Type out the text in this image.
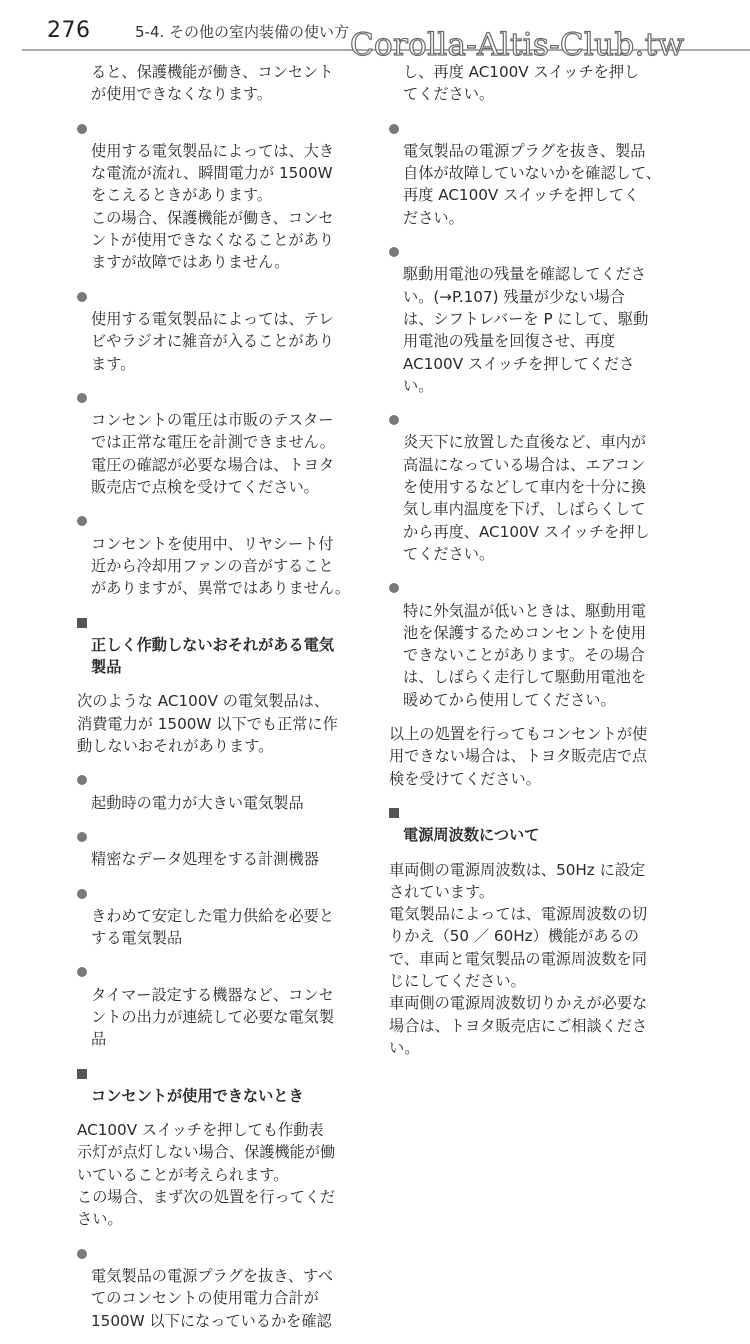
276	5-4. その他の室内装備の使い方 Corolla-Altis-Club.tw
ると、保護機能が働き、コンセント
が使用できなくなります。

使用する電気製品によっては、大き
な電流が流れ、瞬間電力が 1500W
をこえるときがあります。
この場合、保護機能が働き、コンセ
ントが使用できなくなることがあり
ますが故障ではありません。

使用する電気製品によっては、テレ
ビやラジオに雑音が入ることがあり
ます。

コンセントの電圧は市販のテスター
では正常な電圧を計測できません。
電圧の確認が必要な場合は、トヨタ
販売店で点検を受けてください。

コンセントを使用中、リヤシート付
近から冷却用ファンの音がすること
がありますが、異常ではありません。

正しく作動しないおそれがある電気
製品

次のような AC100V の電気製品は、
消費電力が 1500W 以下でも正常に作
動しないおそれがあります。

起動時の電力が大きい電気製品

精密なデータ処理をする計測機器

きわめて安定した電力供給を必要と
する電気製品

タイマー設定する機器など、コンセ
ントの出力が連続して必要な電気製
品

コンセントが使用できないとき

AC100V スイッチを押しても作動表
示灯が点灯しない場合、保護機能が働
いていることが考えられます。
この場合、まず次の処置を行ってくだ
さい。

電気製品の電源プラグを抜き、すべ
てのコンセントの使用電力合計が
1500W 以下になっているかを確認

し、再度 AC100V スイッチを押し
てください。

電気製品の電源プラグを抜き、製品
自体が故障していないかを確認して、
再度 AC100V スイッチを押してく
ださい。

駆動用電池の残量を確認してくださ
い。(→P.107) 残量が少ない場合
は、シフトレバーを P にして、駆動
用電池の残量を回復させ、再度
AC100V スイッチを押してくださ
い。

炎天下に放置した直後など、車内が
高温になっている場合は、エアコン
を使用するなどして車内を十分に換
気し車内温度を下げ、しばらくして
から再度、AC100V スイッチを押し
てください。

特に外気温が低いときは、駆動用電
池を保護するためコンセントを使用
できないことがあります。その場合
は、しばらく走行して駆動用電池を
暖めてから使用してください。

以上の処置を行ってもコンセントが使
用できない場合は、トヨタ販売店で点
検を受けてください。

電源周波数について

車両側の電源周波数は、50Hz に設定
されています。
電気製品によっては、電源周波数の切
りかえ（50 ／ 60Hz）機能があるの
で、車両と電気製品の電源周波数を同
じにしてください。
車両側の電源周波数切りかえが必要な
場合は、トヨタ販売店にご相談くださ
い。
